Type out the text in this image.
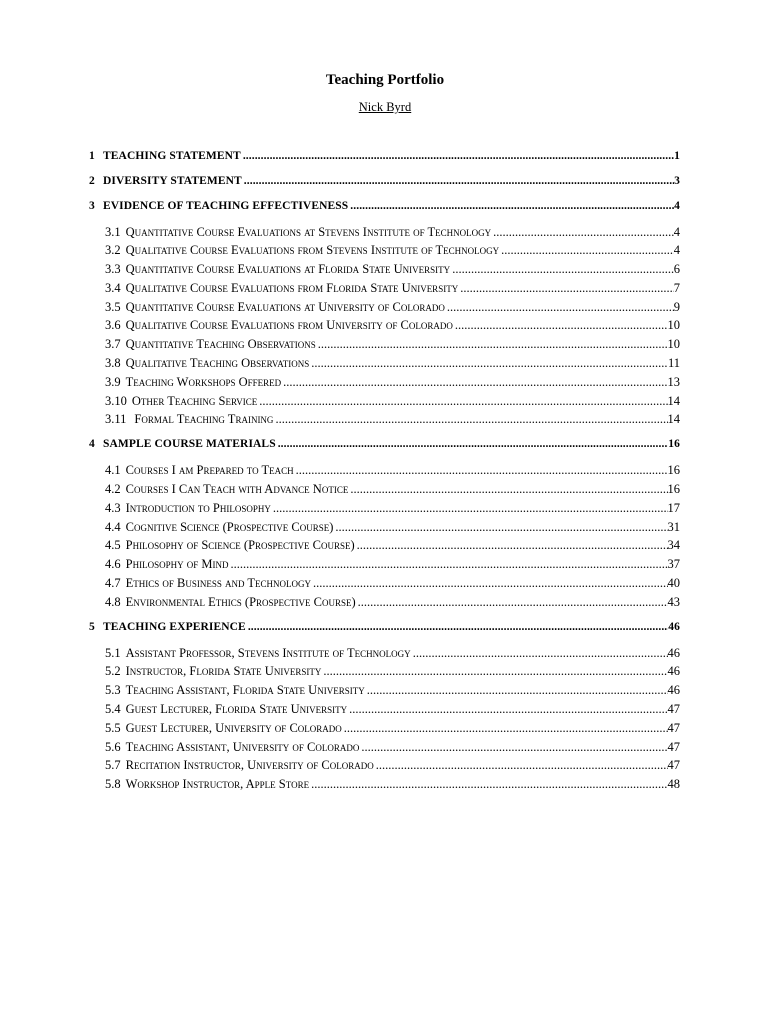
Teaching Portfolio
Nick Byrd
1 TEACHING STATEMENT .....	1
2 DIVERSITY STATEMENT .....	3
3 EVIDENCE OF TEACHING EFFECTIVENESS .....	4
3.1 Quantitative Course Evaluations at Stevens Institute of Technology .....	4
3.2 Qualitative Course Evaluations from Stevens Institute of Technology .....	4
3.3 Quantitative Course Evaluations at Florida State University .....	6
3.4 Qualitative Course Evaluations from Florida State University .....	7
3.5 Quantitative Course Evaluations at University of Colorado .....	9
3.6 Qualitative Course Evaluations from University of Colorado .....	10
3.7 Quantitative Teaching Observations .....	10
3.8 Qualitative Teaching Observations .....	11
3.9 Teaching Workshops Offered .....	13
3.10 Other Teaching Service .....	14
3.11 Formal Teaching Training .....	14
4 SAMPLE COURSE MATERIALS .....	16
4.1 Courses I am Prepared to Teach .....	16
4.2 Courses I Can Teach with Advance Notice .....	16
4.3 Introduction to Philosophy .....	17
4.4 Cognitive Science (Prospective Course) .....	31
4.5 Philosophy of Science (Prospective Course) .....	34
4.6 Philosophy of Mind .....	37
4.7 Ethics of Business and Technology .....	40
4.8 Environmental Ethics (Prospective Course) .....	43
5 TEACHING EXPERIENCE .....	46
5.1 Assistant Professor, Stevens Institute of Technology .....	46
5.2 Instructor, Florida State University .....	46
5.3 Teaching Assistant, Florida State University .....	46
5.4 Guest Lecturer, Florida State University .....	47
5.5 Guest Lecturer, University of Colorado .....	47
5.6 Teaching Assistant, University of Colorado .....	47
5.7 Recitation Instructor, University of Colorado .....	47
5.8 Workshop Instructor, Apple Store .....	48
